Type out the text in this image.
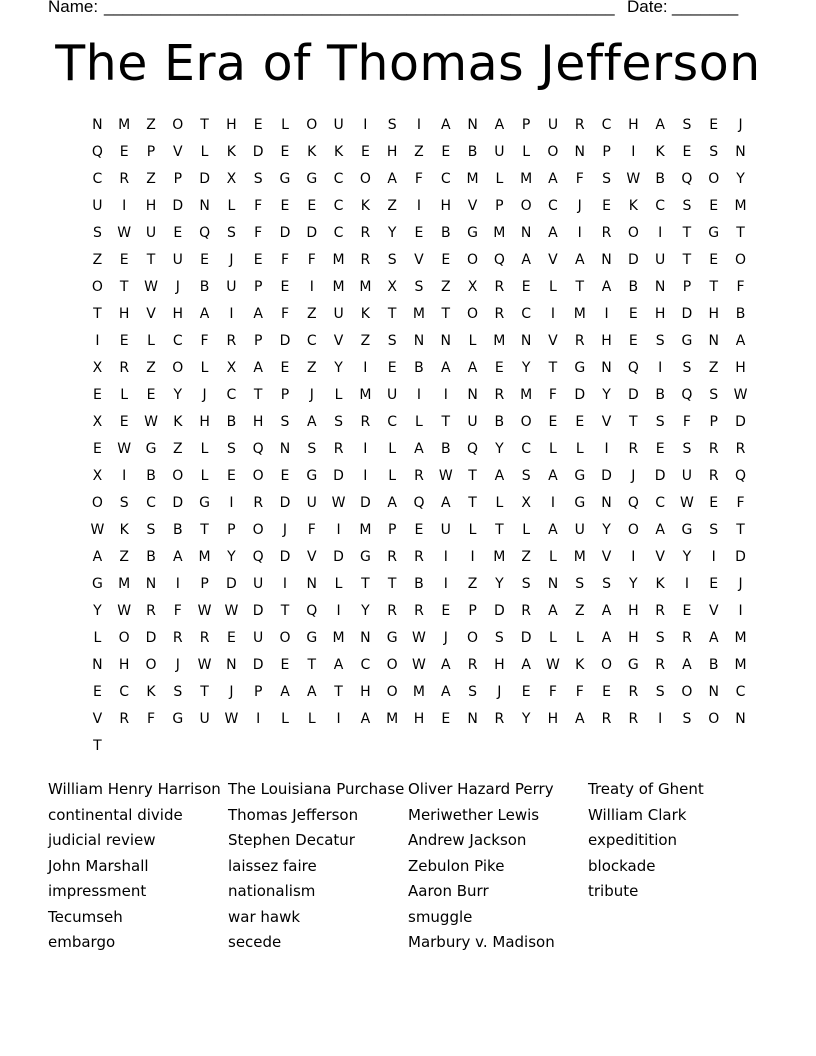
Name: ______________________________________________________ Date: _______
The Era of Thomas Jefferson
N	M	Z	O	T	H	E	L	O	U	I	S	I	A	N	A	P	U	R	C	H	A	S	E	J
Q	E	P	V	L	K	D	E	K	K	E	H	Z	E	B	U	L	O	N	P	I	K	E	S	N
C	R	Z	P	D	X	S	G	G	C	O	A	F	C	M	L	M	A	F	S	W	B	Q	O	Y
U	I	H	D	N	L	F	E	E	C	K	Z	I	H	V	P	O	C	J	E	K	C	S	E	M
S	W	U	E	Q	S	F	D	D	C	R	Y	E	B	G	M	N	A	I	R	O	I	T	G	T
Z	E	T	U	E	J	E	F	F	M	R	S	V	E	O	Q	A	V	A	N	D	U	T	E	O
O	T	W	J	B	U	P	E	I	M	M	X	S	Z	X	R	E	L	T	A	B	N	P	T	F
T	H	V	H	A	I	A	F	Z	U	K	T	M	T	O	R	C	I	M	I	E	H	D	H	B
I	E	L	C	F	R	P	D	C	V	Z	S	N	N	L	M	N	V	R	H	E	S	G	N	A
X	R	Z	O	L	X	A	E	Z	Y	I	E	B	A	A	E	Y	T	G	N	Q	I	S	Z	H
E	L	E	Y	J	C	T	P	J	L	M	U	I	I	N	R	M	F	D	Y	D	B	Q	S	W
X	E	W	K	H	B	H	S	A	S	R	C	L	T	U	B	O	E	E	V	T	S	F	P	D
E	W	G	Z	L	S	Q	N	S	R	I	L	A	B	Q	Y	C	L	L	I	R	E	S	R	R
X	I	B	O	L	E	O	E	G	D	I	L	R	W	T	A	S	A	G	D	J	D	U	R	Q
O	S	C	D	G	I	R	D	U	W	D	A	Q	A	T	L	X	I	G	N	Q	C	W	E	F
W	K	S	B	T	P	O	J	F	I	M	P	E	U	L	T	L	A	U	Y	O	A	G	S	T
A	Z	B	A	M	Y	Q	D	V	D	G	R	R	I	I	M	Z	L	M	V	I	V	Y	I	D
G	M	N	I	P	D	U	I	N	L	T	T	B	I	Z	Y	S	N	S	S	Y	K	I	E	J
Y	W	R	F	W W	D	T	Q	I	Y	R	R	E	P	D	R	A	Z	A	H	R	E	V	I
L	O	D	R	R	E	U	O	G	M	N	G	W	J	O	S	D	L	L	A	H	S	R	A	M
N	H	O	J	W	N	D	E	T	A	C	O	W	A	R	H	A	W	K	O	G	R	A	B	M
E	C	K	S	T	J	P	A	A	T	H	O	M	A	S	J	E	F	F	E	R	S	O	N	C
V	R	F	G	U	W	I	L	L	I	A	M	H	E	N	R	Y	H	A	R	R	I	S	O	N
T
William Henry Harrison
continental divide
judicial review
John Marshall
impressment
Tecumseh
embargo
The Louisiana Purchase
Thomas Jefferson
Stephen Decatur
laissez faire
nationalism
war hawk
secede
Oliver Hazard Perry
Meriwether Lewis
Andrew Jackson
Zebulon Pike
Aaron Burr
smuggle
Marbury v. Madison
Treaty of Ghent
William Clark
expeditition
blockade
tribute
